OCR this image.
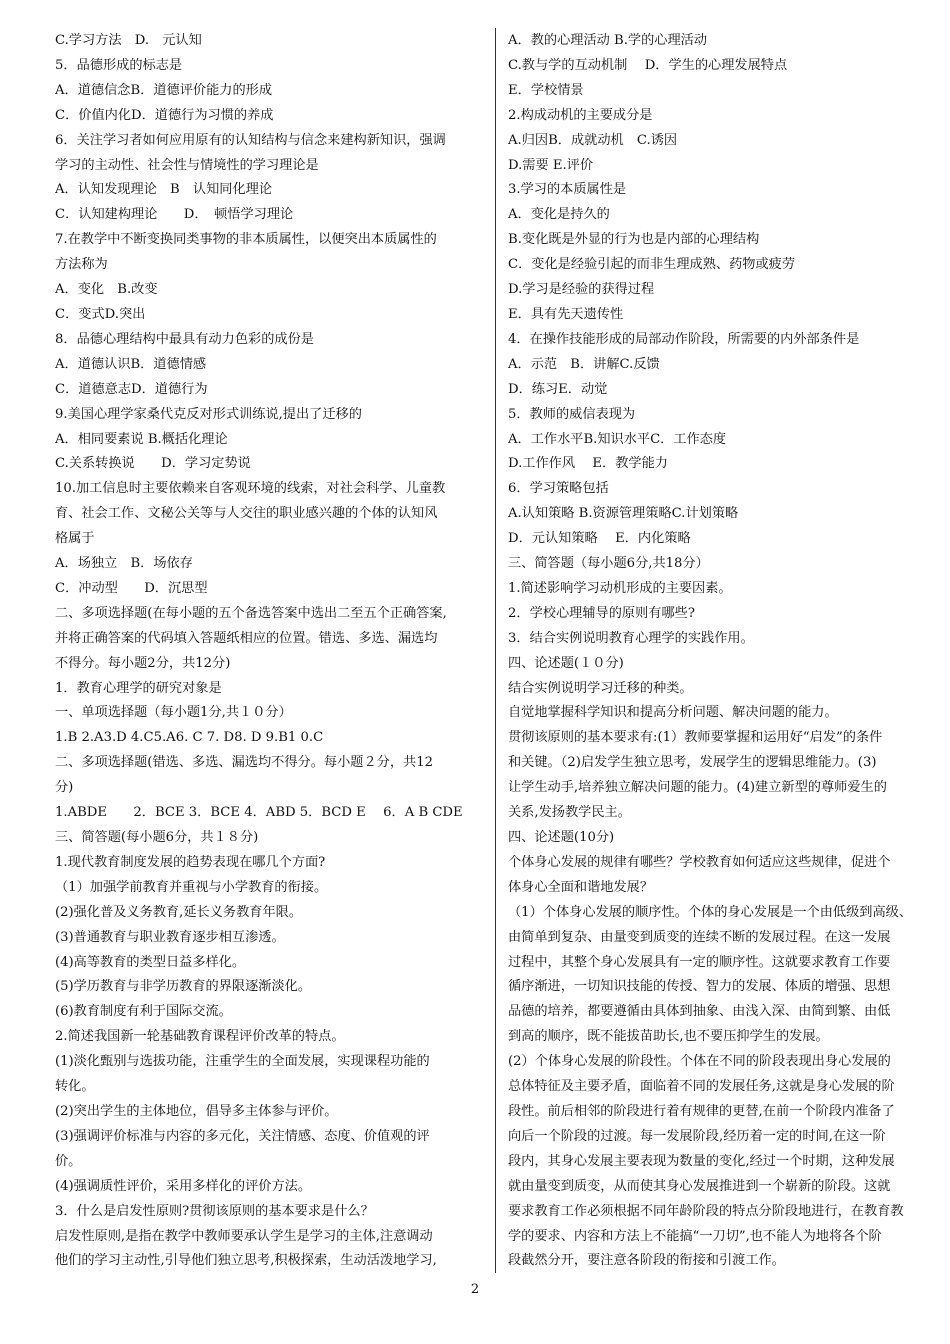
C.学习方法　D.　元认知
5．品德形成的标志是
A．道德信念B．道德评价能力的形成
C．价值内化D．道德行为习惯的养成
6．关注学习者如何应用原有的认知结构与信念来建构新知识，强调
学习的主动性、社会性与情境性的学习理论是
A．认知发现理论　B　认知同化理论
C．认知建构理论　　D．　顿悟学习理论
7.在教学中不断变换同类事物的非本质属性，以便突出本质属性的
方法称为
A．变化　B.改变
C．变式D.突出
8．品德心理结构中最具有动力色彩的成份是
A．道德认识B．道德情感
C．道德意志D．道德行为
9.美国心理学家桑代克反对形式训练说,提出了迁移的
A．相同要素说 B.概括化理论
C.关系转换说　　D．学习定势说
10.加工信息时主要依赖来自客观环境的线索，对社会科学、儿童教
育、社会工作、文秘公关等与人交往的职业感兴趣的个体的认知风
格属于
A．场独立　B．场依存
C．冲动型　　D．沉思型
二、多项选择题(在每小题的五个备选答案中选出二至五个正确答案,
并将正确答案的代码填入答题纸相应的位置。错选、多选、漏选均
不得分。每小题2分，共12分)
1．教育心理学的研究对象是
一、单项选择题（每小题1分,共１０分）
1.B 2.A3.D 4.C5.A6. C 7. D8. D 9.B1 0.C
二、多项选择题(错选、多选、漏选均不得分。每小题２分，共12
分)
1.ABDE　　2．BCE 3．BCE 4．ABD 5．BCD E　 6．A B CDE
三、简答题(每小题6分，共１８分)
1.现代教育制度发展的趋势表现在哪几个方面?
（1）加强学前教育并重视与小学教育的衔接。
(2)强化普及义务教育,延长义务教育年限。
(3)普通教育与职业教育逐步相互渗透。
(4)高等教育的类型日益多样化。
(5)学历教育与非学历教育的界限逐渐淡化。
(6)教育制度有利于国际交流。
2.简述我国新一轮基础教育课程评价改革的特点。
(1)淡化甄别与选拔功能，注重学生的全面发展，实现课程功能的
转化。
(2)突出学生的主体地位，倡导多主体参与评价。
(3)强调评价标准与内容的多元化，关注情感、态度、价值观的评
价。
(4)强调质性评价，采用多样化的评价方法。
3．什么是启发性原则?贯彻该原则的基本要求是什么？
启发性原则,是指在教学中教师要承认学生是学习的主体,注意调动
他们的学习主动性,引导他们独立思考,积极探索，生动活泼地学习,
A．教的心理活动 B.学的心理活动
C.教与学的互动机制　 D．学生的心理发展特点
E．学校情景
2.构成动机的主要成分是
A.归因B．成就动机　C.诱因
D.需要 E.评价
3.学习的本质属性是
A．变化是持久的
B.变化既是外显的行为也是内部的心理结构
C．变化是经验引起的而非生理成熟、药物或疲劳
D.学习是经验的获得过程
E．具有先天遗传性
4．在操作技能形成的局部动作阶段，所需要的内外部条件是
A．示范　B．讲解C.反馈
D．练习E．动觉
5．教师的威信表现为
A．工作水平B.知识水平C．工作态度
D.工作作风　 E．教学能力
6．学习策略包括
A.认知策略 B.资源管理策略C.计划策略
D．元认知策略　 E．内化策略
三、简答题（每小题6分,共18分）
1.简述影响学习动机形成的主要因素。
2．学校心理辅导的原则有哪些?
3．结合实例说明教育心理学的实践作用。
四、论述题(１０分)
结合实例说明学习迁移的种类。
自觉地掌握科学知识和提高分析问题、解决问题的能力。
贯彻该原则的基本要求有:(1）教师要掌握和运用好“启发”的条件
和关键。（2)启发学生独立思考，发展学生的逻辑思维能力。(3)
让学生动手,培养独立解决问题的能力。(4)建立新型的尊师爱生的
关系,发扬教学民主。
四、论述题(10分)
个体身心发展的规律有哪些？学校教育如何适应这些规律，促进个
体身心全面和谐地发展？
（1）个体身心发展的顺序性。个体的身心发展是一个由低级到高级、
由简单到复杂、由量变到质变的连续不断的发展过程。在这一发展
过程中，其整个身心发展具有一定的顺序性。这就要求教育工作要
循序渐进，一切知识技能的传授、智力的发展、体质的增强、思想
品德的培养，都要遵循由具体到抽象、由浅入深、由简到繁、由低
到高的顺序，既不能拔苗助长,也不要压抑学生的发展。
(2）个体身心发展的阶段性。个体在不同的阶段表现出身心发展的
总体特征及主要矛盾，面临着不同的发展任务,这就是身心发展的阶
段性。前后相邻的阶段进行着有规律的更替,在前一个阶段内准备了
向后一个阶段的过渡。每一发展阶段,经历着一定的时间,在这一阶
段内，其身心发展主要表现为数量的变化,经过一个时期，这种发展
就由量变到质变，从而使其身心发展推进到一个崭新的阶段。这就
要求教育工作必须根据不同年龄阶段的特点分阶段地进行，在教育教
学的要求、内容和方法上不能搞“一刀切”,也不能人为地将各个阶
段截然分开，要注意各阶段的衔接和引渡工作。
2
